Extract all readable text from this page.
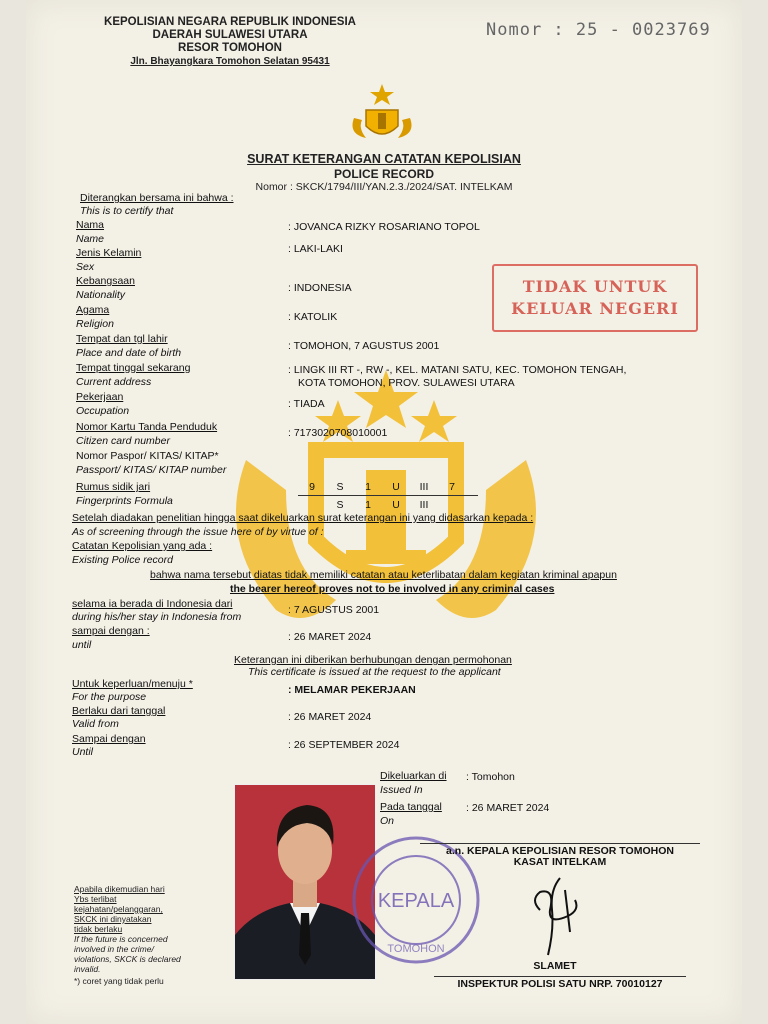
KEPOLISIAN NEGARA REPUBLIK INDONESIA
DAERAH SULAWESI UTARA
RESOR TOMOHON
Jln. Bhayangkara Tomohon Selatan 95431
Nomor : 25 - 0023769
SURAT KETERANGAN CATATAN KEPOLISIAN
POLICE RECORD
Nomor : SKCK/1794/III/YAN.2.3./2024/SAT. INTELKAM
TIDAK UNTUK
KELUAR NEGERI
Diterangkan bersama ini bahwa :
This is to certify that
Nama
Name
: JOVANCA RIZKY ROSARIANO TOPOL
Jenis Kelamin
Sex
: LAKI-LAKI
Kebangsaan
Nationality
: INDONESIA
Agama
Religion
: KATOLIK
Tempat dan tgl lahir
Place and date of birth
: TOMOHON, 7 AGUSTUS 2001
Tempat tinggal sekarang
Current address
: LINGK III RT -, RW -, KEL. MATANI SATU, KEC. TOMOHON TENGAH,
KOTA TOMOHON, PROV. SULAWESI UTARA
Pekerjaan
Occupation
: TIADA
Nomor Kartu Tanda Penduduk
Citizen card number
: 7173020708010001
Nomor Paspor/ KITAS/ KITAP*
Passport/ KITAS/ KITAP number
Rumus sidik jari
Fingerprints Formula
9 S 1 U III 7
S 1 U III
Setelah diadakan penelitian hingga saat dikeluarkan surat keterangan ini yang didasarkan kepada :
As of screening through the issue here of by virtue of :
Catatan Kepolisian yang ada :
Existing Police record
bahwa nama tersebut diatas tidak memiliki catatan atau keterlibatan dalam kegiatan kriminal apapun
the bearer hereof proves not to be involved in any criminal cases
selama ia berada di Indonesia dari
during his/her stay in Indonesia from
: 7 AGUSTUS 2001
sampai dengan :
until
: 26 MARET 2024
Keterangan ini diberikan berhubungan dengan permohonan
This certificate is issued at the request to the applicant
Untuk keperluan/menuju *
For the purpose
: MELAMAR PEKERJAAN
Berlaku dari tanggal
Valid from
: 26 MARET 2024
Sampai dengan
Until
: 26 SEPTEMBER 2024
Dikeluarkan di
Issued In
: Tomohon
Pada tanggal
On
: 26 MARET 2024
KEPALA
TOMOHON
a.n. KEPALA KEPOLISIAN RESOR TOMOHON
KASAT INTELKAM
SLAMET
INSPEKTUR POLISI SATU NRP. 70010127
Apabila dikemudian hari
Ybs terlibat
kejahatan/pelanggaran,
SKCK ini dinyatakan
tidak berlaku
If the future is concerned
involved in the crime/
violations, SKCK is declared
invalid.
*) coret yang tidak perlu
